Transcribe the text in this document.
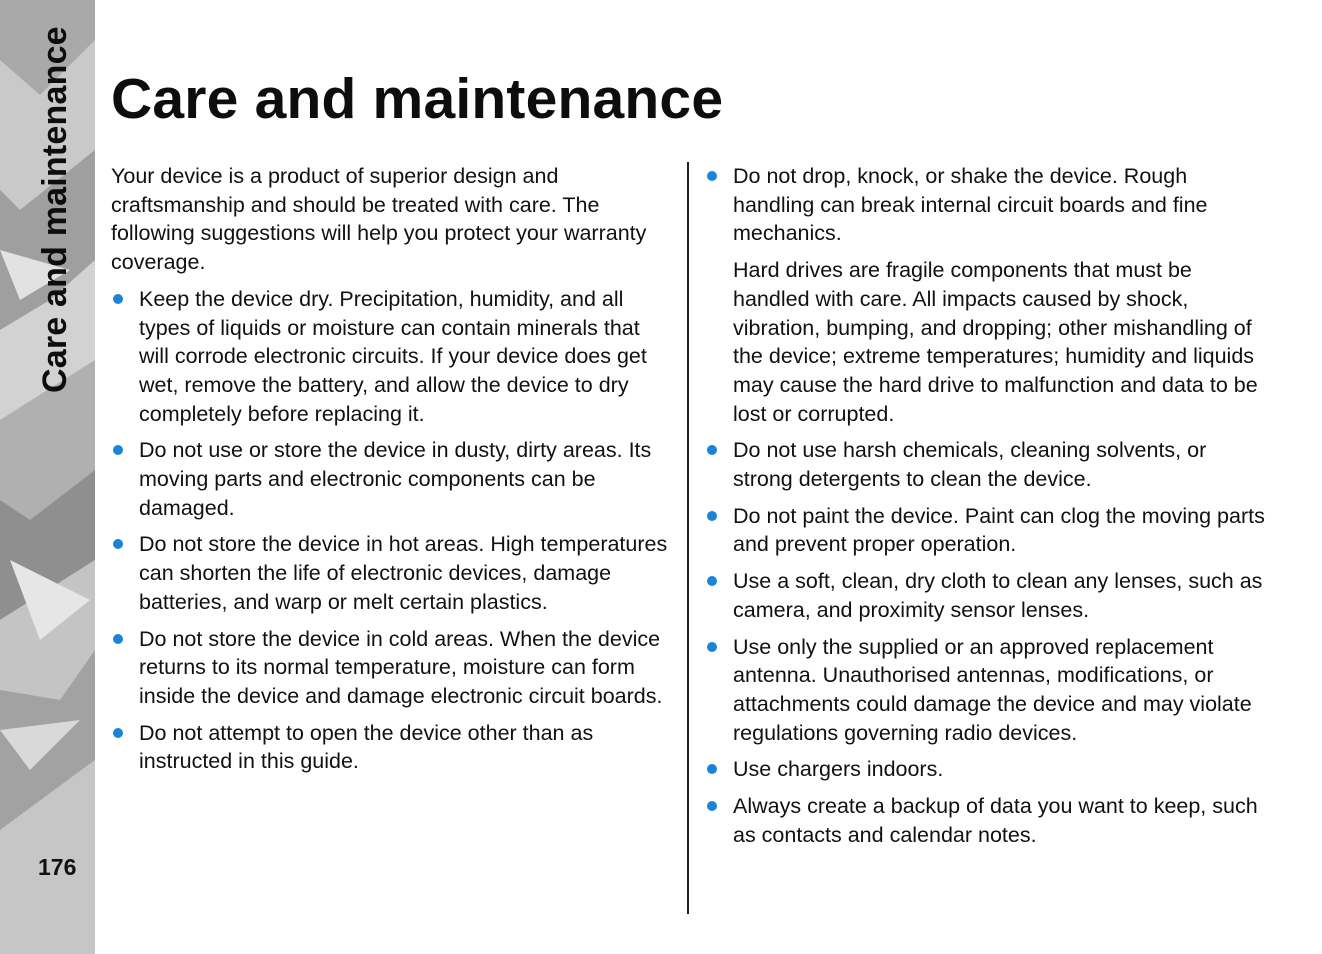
Care and maintenance
176
Care and maintenance

Your device is a product of superior design and craftsmanship and should be treated with care. The following suggestions will help you protect your warranty coverage.

Keep the device dry. Precipitation, humidity, and all types of liquids or moisture can contain minerals that will corrode electronic circuits. If your device does get wet, remove the battery, and allow the device to dry completely before replacing it.
Do not use or store the device in dusty, dirty areas. Its moving parts and electronic components can be damaged.
Do not store the device in hot areas. High temperatures can shorten the life of electronic devices, damage batteries, and warp or melt certain plastics.
Do not store the device in cold areas. When the device returns to its normal temperature, moisture can form inside the device and damage electronic circuit boards.
Do not attempt to open the device other than as instructed in this guide.
Do not drop, knock, or shake the device. Rough handling can break internal circuit boards and fine mechanics.
Hard drives are fragile components that must be handled with care. All impacts caused by shock, vibration, bumping, and dropping; other mishandling of the device; extreme temperatures; humidity and liquids may cause the hard drive to malfunction and data to be lost or corrupted.
Do not use harsh chemicals, cleaning solvents, or strong detergents to clean the device.
Do not paint the device. Paint can clog the moving parts and prevent proper operation.
Use a soft, clean, dry cloth to clean any lenses, such as camera, and proximity sensor lenses.
Use only the supplied or an approved replacement antenna. Unauthorised antennas, modifications, or attachments could damage the device and may violate regulations governing radio devices.
Use chargers indoors.
Always create a backup of data you want to keep, such as contacts and calendar notes.
